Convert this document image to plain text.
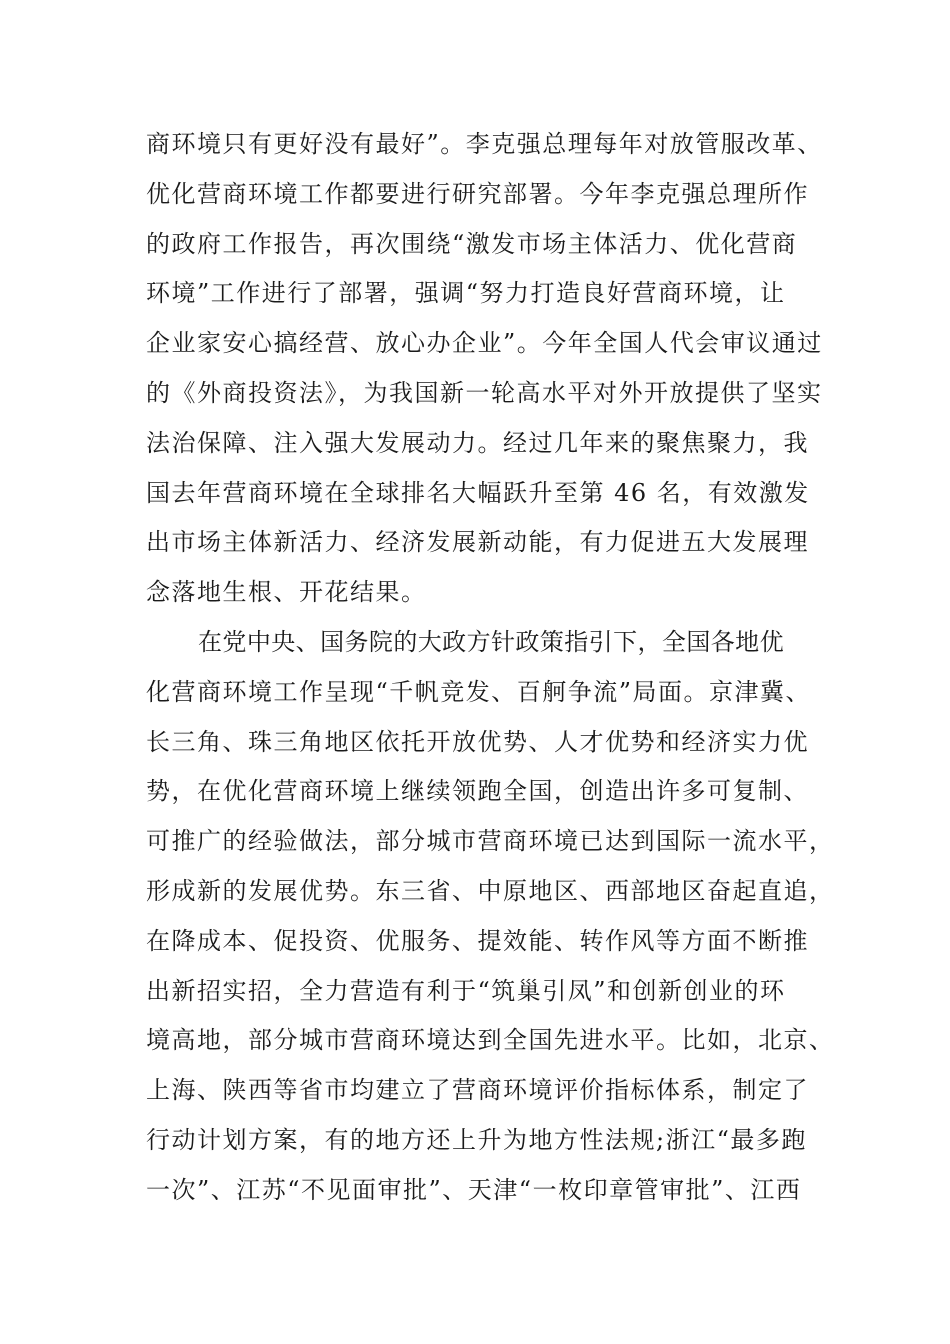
商环境只有更好没有最好”。李克强总理每年对放管服改革、
优化营商环境工作都要进行研究部署。今年李克强总理所作
的政府工作报告，再次围绕“激发市场主体活力、优化营商
环境”工作进行了部署，强调“努力打造良好营商环境，让
企业家安心搞经营、放心办企业”。今年全国人代会审议通过
的《外商投资法》，为我国新一轮高水平对外开放提供了坚实
法治保障、注入强大发展动力。经过几年来的聚焦聚力，我
国去年营商环境在全球排名大幅跃升至第 46 名，有效激发
出市场主体新活力、经济发展新动能，有力促进五大发展理
念落地生根、开花结果。
在党中央、国务院的大政方针政策指引下，全国各地优
化营商环境工作呈现“千帆竞发、百舸争流”局面。京津冀、
长三角、珠三角地区依托开放优势、人才优势和经济实力优
势，在优化营商环境上继续领跑全国，创造出许多可复制、
可推广的经验做法，部分城市营商环境已达到国际一流水平，
形成新的发展优势。东三省、中原地区、西部地区奋起直追，
在降成本、促投资、优服务、提效能、转作风等方面不断推
出新招实招，全力营造有利于“筑巢引凤”和创新创业的环
境高地，部分城市营商环境达到全国先进水平。比如，北京、
上海、陕西等省市均建立了营商环境评价指标体系，制定了
行动计划方案，有的地方还上升为地方性法规;浙江“最多跑
一次”、江苏“不见面审批”、天津“一枚印章管审批”、江西
